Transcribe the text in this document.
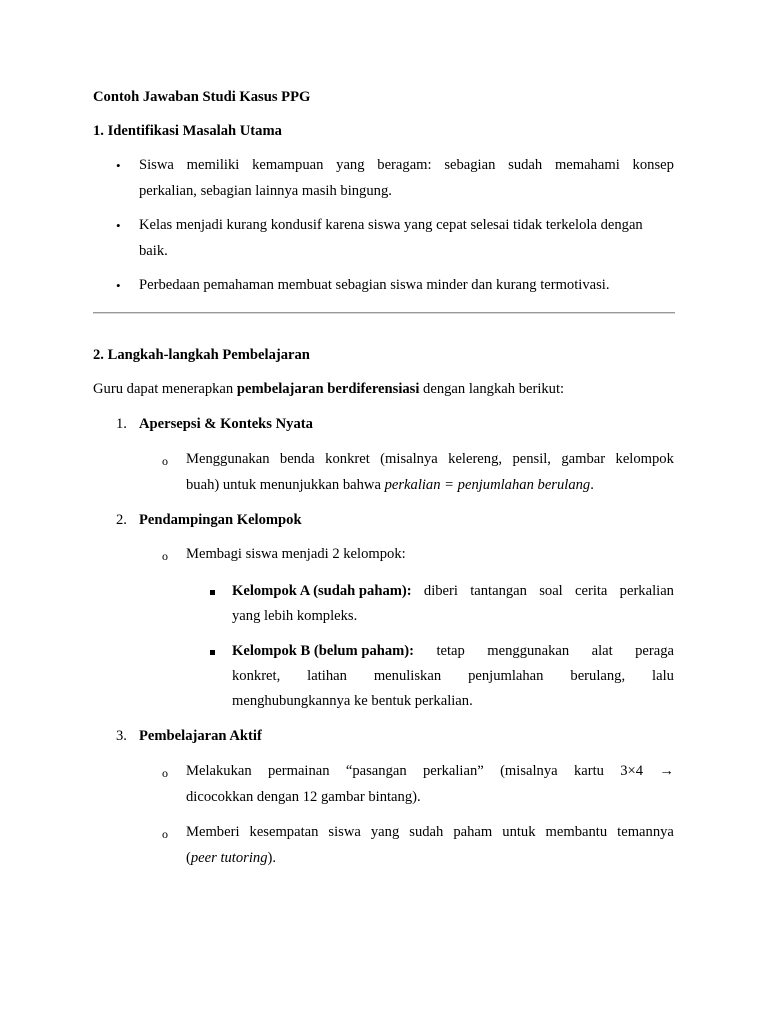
Contoh Jawaban Studi Kasus PPG
1. Identifikasi Masalah Utama
• Siswa memiliki kemampuan yang beragam: sebagian sudah memahami konsep
perkalian, sebagian lainnya masih bingung.
• Kelas menjadi kurang kondusif karena siswa yang cepat selesai tidak terkelola dengan
baik.
• Perbedaan pemahaman membuat sebagian siswa minder dan kurang termotivasi.
2. Langkah-langkah Pembelajaran
Guru dapat menerapkan pembelajaran berdiferensiasi dengan langkah berikut:
1. Apersepsi & Konteks Nyata
o Menggunakan benda konkret (misalnya kelereng, pensil, gambar kelompok
buah) untuk menunjukkan bahwa perkalian = penjumlahan berulang.
2. Pendampingan Kelompok
o Membagi siswa menjadi 2 kelompok:
Kelompok A (sudah paham): diberi tantangan soal cerita perkalian
yang lebih kompleks.
Kelompok B (belum paham): tetap menggunakan alat peraga
konkret, latihan menuliskan penjumlahan berulang, lalu
menghubungkannya ke bentuk perkalian.
3. Pembelajaran Aktif
o Melakukan permainan “pasangan perkalian” (misalnya kartu 3×4 →
dicocokkan dengan 12 gambar bintang).
o Memberi kesempatan siswa yang sudah paham untuk membantu temannya
(peer tutoring).
